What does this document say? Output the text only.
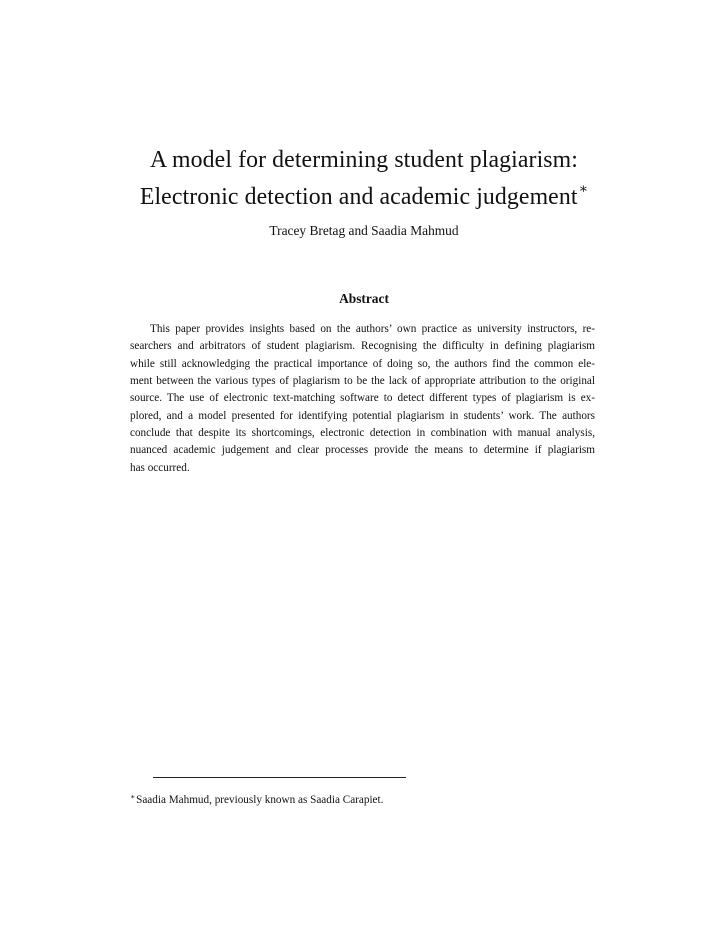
A model for determining student plagiarism:
Electronic detection and academic judgement∗
Tracey Bretag and Saadia Mahmud
Abstract
This paper provides insights based on the authors’ own practice as university instructors, re-
searchers and arbitrators of student plagiarism. Recognising the difficulty in defining plagiarism
while still acknowledging the practical importance of doing so, the authors find the common ele-
ment between the various types of plagiarism to be the lack of appropriate attribution to the original
source. The use of electronic text-matching software to detect different types of plagiarism is ex-
plored, and a model presented for identifying potential plagiarism in students’ work. The authors
conclude that despite its shortcomings, electronic detection in combination with manual analysis,
nuanced academic judgement and clear processes provide the means to determine if plagiarism
has occurred.
∗Saadia Mahmud, previously known as Saadia Carapiet.
